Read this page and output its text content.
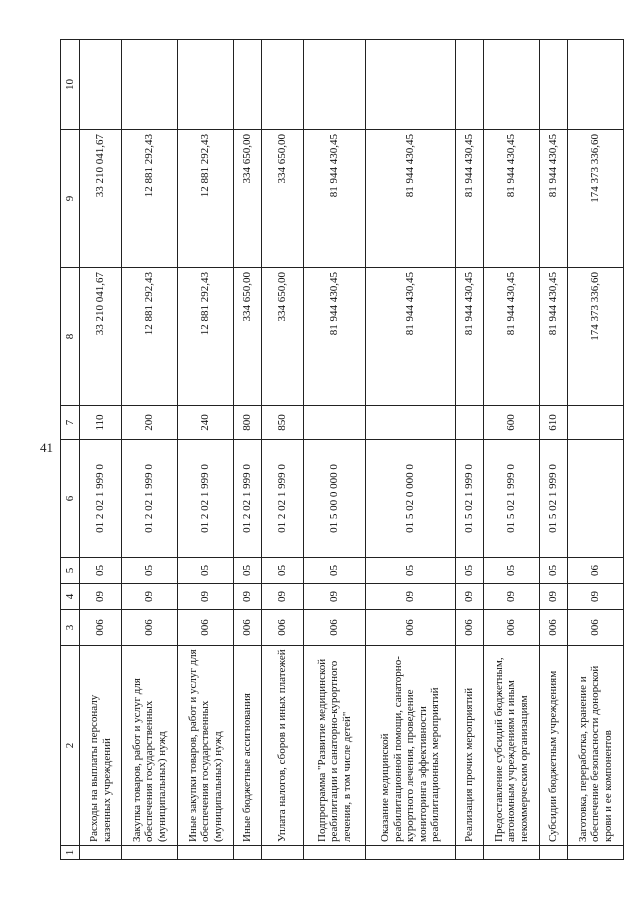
41
1	2	3	4	5	6	7	8	9	10
	Расходы на выплаты персоналу казенных учреждений	006	09	05	01 2 02 1 999 0	110	33 210 041,67	33 210 041,67	
	Закупка товаров, работ и услуг для обеспечения государственных (муниципальных) нужд	006	09	05	01 2 02 1 999 0	200	12 881 292,43	12 881 292,43	
	Иные закупки товаров, работ и услуг для обеспечения государственных (муниципальных) нужд	006	09	05	01 2 02 1 999 0	240	12 881 292,43	12 881 292,43	
	Иные бюджетные ассигнования	006	09	05	01 2 02 1 999 0	800	334 650,00	334 650,00	
	Уплата налогов, сборов и иных платежей	006	09	05	01 2 02 1 999 0	850	334 650,00	334 650,00	
	Подпрограмма "Развитие медицинской реабилитации и санаторно-курортного лечения, в том числе детей"	006	09	05	01 5 00 0 000 0		81 944 430,45	81 944 430,45	
	Оказание медицинской реабилитационной помощи, санаторно-курортного лечения, проведение мониторинга эффективности реабилитационных мероприятий	006	09	05	01 5 02 0 000 0		81 944 430,45	81 944 430,45	
	Реализация прочих мероприятий	006	09	05	01 5 02 1 999 0		81 944 430,45	81 944 430,45	
	Предоставление субсидий бюджетным, автономным учреждениям и иным некоммерческим организациям	006	09	05	01 5 02 1 999 0	600	81 944 430,45	81 944 430,45	
	Субсидии бюджетным учреждениям	006	09	05	01 5 02 1 999 0	610	81 944 430,45	81 944 430,45	
	Заготовка, переработка, хранение и обеспечение безопасности донорской крови и ее компонентов	006	09	06			174 373 336,60	174 373 336,60	
